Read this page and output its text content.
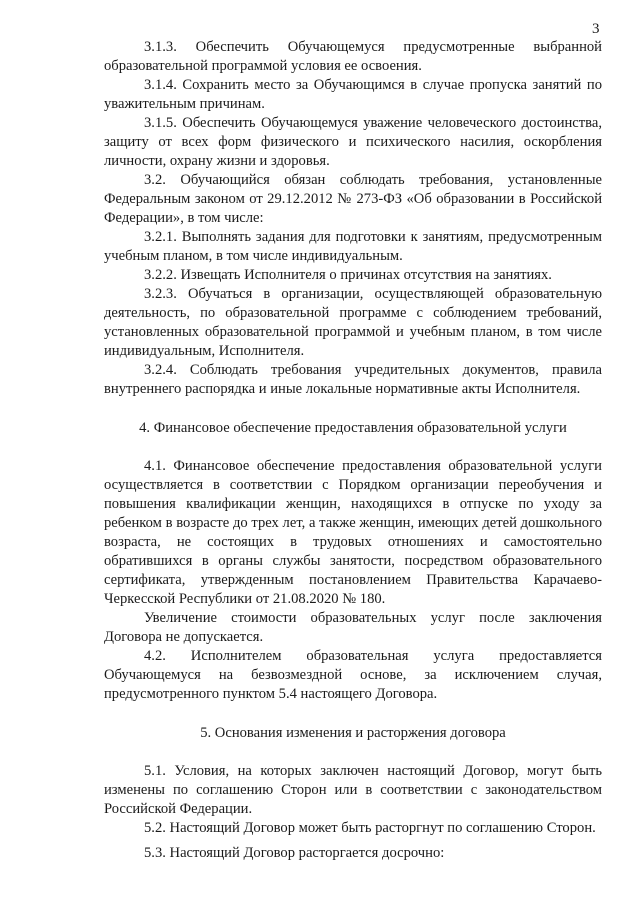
3

3.1.3. Обеспечить Обучающемуся предусмотренные выбранной образовательной программой условия ее освоения.

3.1.4. Сохранить место за Обучающимся в случае пропуска занятий по уважительным причинам.

3.1.5. Обеспечить Обучающемуся уважение человеческого достоинства, защиту от всех форм физического и психического насилия, оскорбления личности, охрану жизни и здоровья.

3.2. Обучающийся обязан соблюдать требования, установленные Федеральным законом от 29.12.2012 № 273-ФЗ «Об образовании в Российской Федерации», в том числе:

3.2.1. Выполнять задания для подготовки к занятиям, предусмотренным учебным планом, в том числе индивидуальным.

3.2.2. Извещать Исполнителя о причинах отсутствия на занятиях.

3.2.3. Обучаться в организации, осуществляющей образовательную деятельность, по образовательной программе с соблюдением требований, установленных образовательной программой и учебным планом, в том числе индивидуальным, Исполнителя.

3.2.4. Соблюдать требования учредительных документов, правила внутреннего распорядка и иные локальные нормативные акты Исполнителя.

4. Финансовое обеспечение предоставления образовательной услуги

4.1. Финансовое обеспечение предоставления образовательной услуги осуществляется в соответствии с Порядком организации переобучения и повышения квалификации женщин, находящихся в отпуске по уходу за ребенком в возрасте до трех лет, а также женщин, имеющих детей дошкольного возраста, не состоящих в трудовых отношениях и самостоятельно обратившихся в органы службы занятости, посредством образовательного сертификата, утвержденным постановлением Правительства Карачаево-Черкесской Республики от 21.08.2020 № 180.

Увеличение стоимости образовательных услуг после заключения Договора не допускается.

4.2. Исполнителем образовательная услуга предоставляется Обучающемуся на безвозмездной основе, за исключением случая, предусмотренного пунктом 5.4 настоящего Договора.

5. Основания изменения и расторжения договора

5.1. Условия, на которых заключен настоящий Договор, могут быть изменены по соглашению Сторон или в соответствии с законодательством Российской Федерации.

5.2. Настоящий Договор может быть расторгнут по соглашению Сторон.

5.3. Настоящий Договор расторгается досрочно:
